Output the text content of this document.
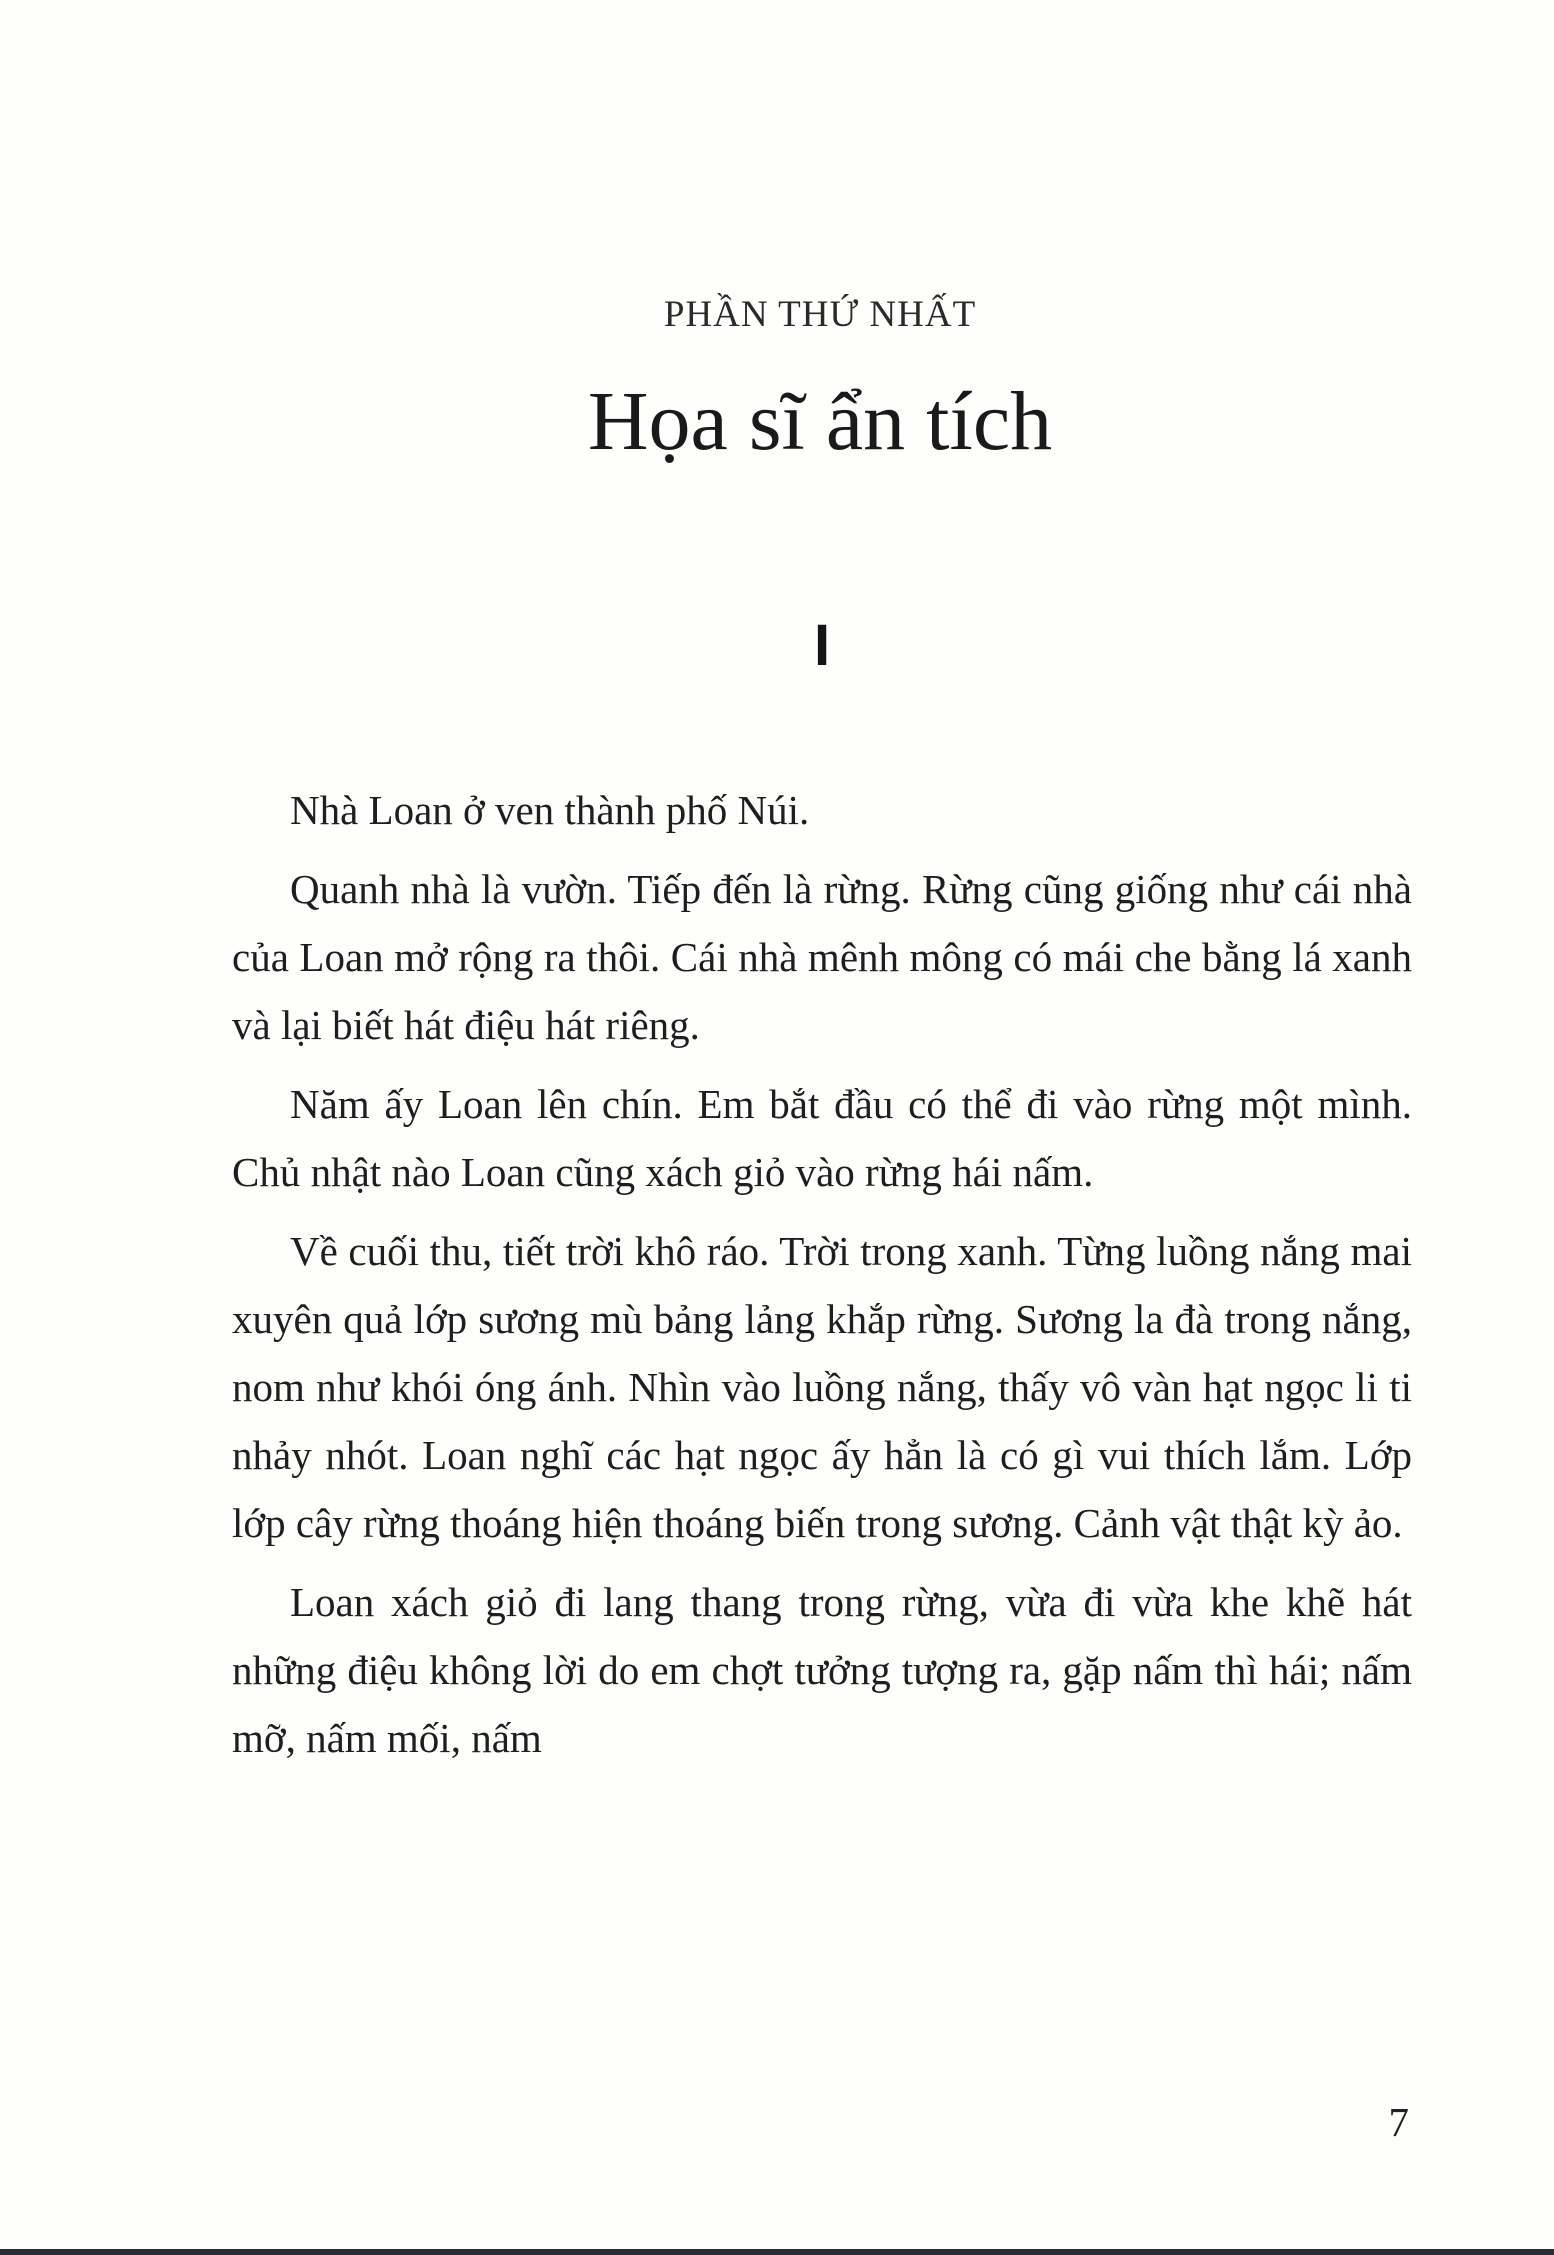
PHẦN THỨ NHẤT
Họa sĩ ẩn tích
I

Nhà Loan ở ven thành phố Núi.

Quanh nhà là vườn. Tiếp đến là rừng. Rừng cũng giống như cái nhà của Loan mở rộng ra thôi. Cái nhà mênh mông có mái che bằng lá xanh và lại biết hát điệu hát riêng.

Năm ấy Loan lên chín. Em bắt đầu có thể đi vào rừng một mình. Chủ nhật nào Loan cũng xách giỏ vào rừng hái nấm.

Về cuối thu, tiết trời khô ráo. Trời trong xanh. Từng luồng nắng mai xuyên quả lớp sương mù bảng lảng khắp rừng. Sương la đà trong nắng, nom như khói óng ánh. Nhìn vào luồng nắng, thấy vô vàn hạt ngọc li ti nhảy nhót. Loan nghĩ các hạt ngọc ấy hẳn là có gì vui thích lắm. Lớp lớp cây rừng thoáng hiện thoáng biến trong sương. Cảnh vật thật kỳ ảo.

Loan xách giỏ đi lang thang trong rừng, vừa đi vừa khe khẽ hát những điệu không lời do em chợt tưởng tượng ra, gặp nấm thì hái; nấm mỡ, nấm mối, nấm

7
